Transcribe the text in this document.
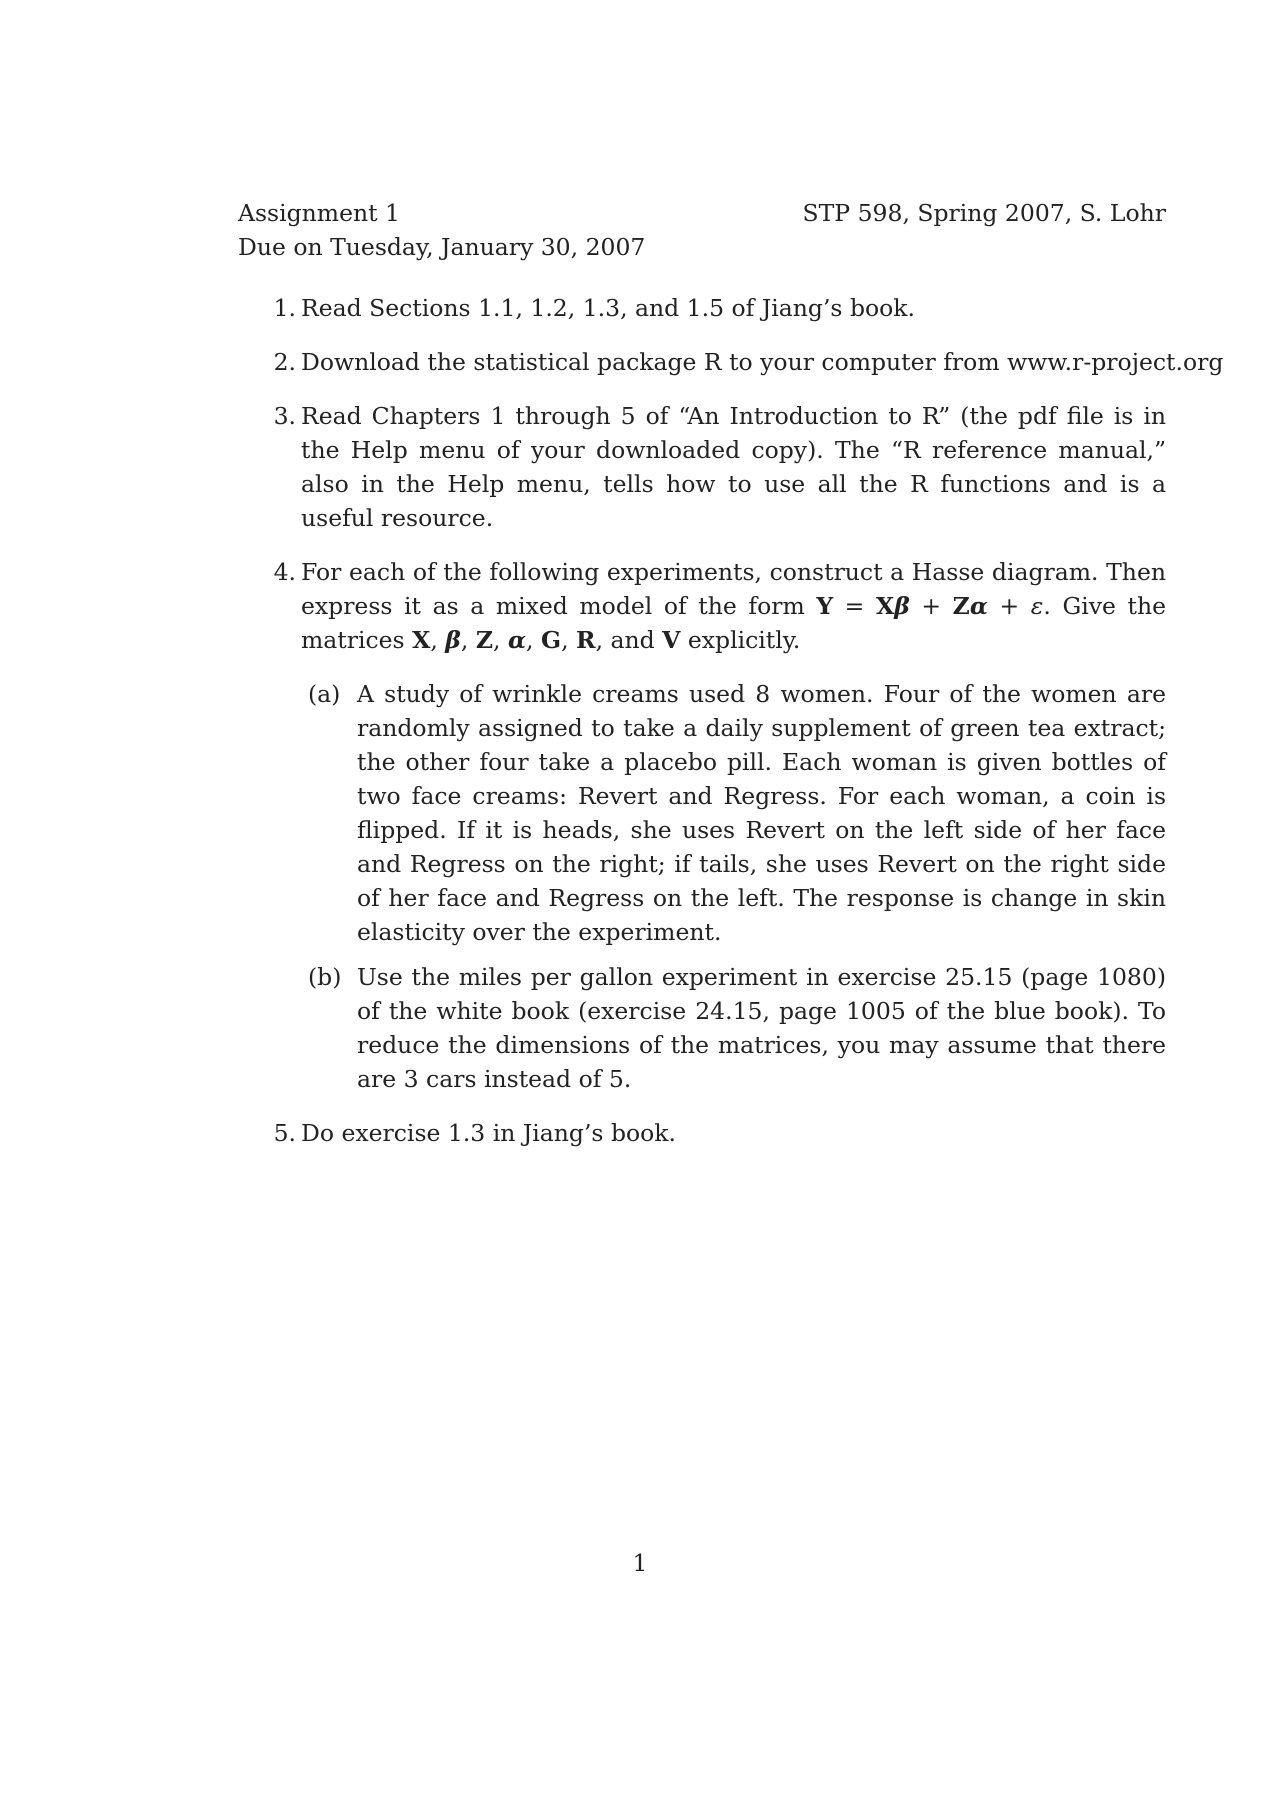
Assignment 1
Due on Tuesday, January 30, 2007
STP 598, Spring 2007, S. Lohr
1. Read Sections 1.1, 1.2, 1.3, and 1.5 of Jiang’s book.
2. Download the statistical package R to your computer from www.r-project.org
3. Read Chapters 1 through 5 of “An Introduction to R” (the pdf file is in the Help menu of your downloaded copy). The “R reference manual,” also in the Help menu, tells how to use all the R functions and is a useful resource.
4. For each of the following experiments, construct a Hasse diagram. Then express it as a mixed model of the form Y = Xβ + Zα + ε. Give the matrices X, β, Z, α, G, R, and V explicitly.
(a) A study of wrinkle creams used 8 women. Four of the women are randomly assigned to take a daily supplement of green tea extract; the other four take a placebo pill. Each woman is given bottles of two face creams: Revert and Regress. For each woman, a coin is flipped. If it is heads, she uses Revert on the left side of her face and Regress on the right; if tails, she uses Revert on the right side of her face and Regress on the left. The response is change in skin elasticity over the experiment.
(b) Use the miles per gallon experiment in exercise 25.15 (page 1080) of the white book (exercise 24.15, page 1005 of the blue book). To reduce the dimensions of the matrices, you may assume that there are 3 cars instead of 5.
5. Do exercise 1.3 in Jiang’s book.
1
